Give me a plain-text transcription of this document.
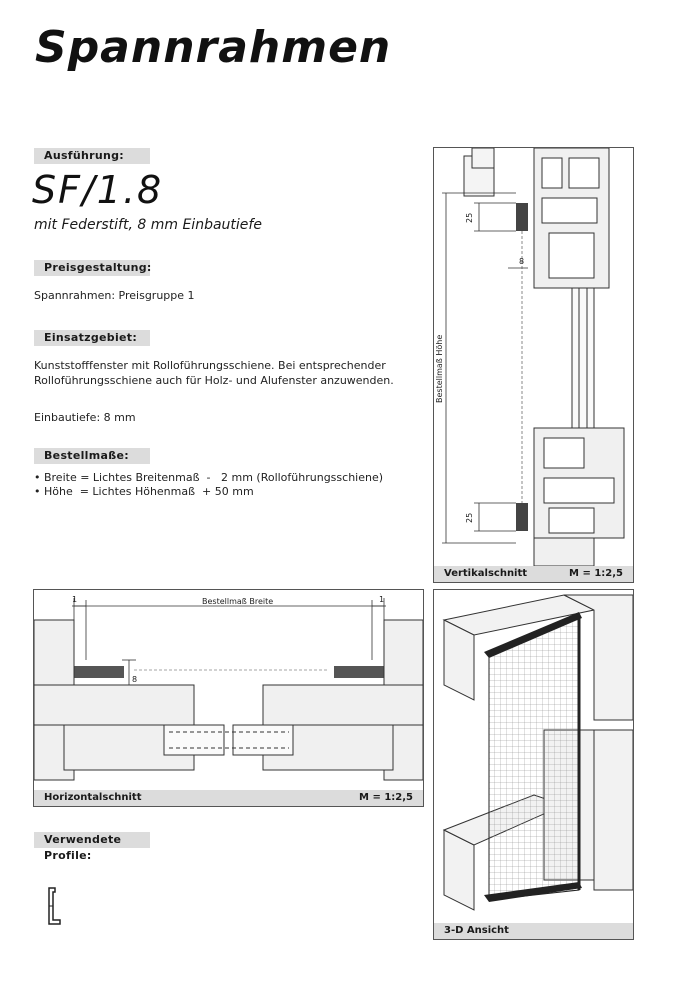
Spannrahmen
Ausführung:
SF/1.8
mit Federstift, 8 mm Einbautiefe
Preisgestaltung:
Spannrahmen: Preisgruppe 1
Einsatzgebiet:
Kunststofffenster mit Rolloführungsschiene. Bei entsprechender
Rolloführungsschiene auch für Holz- und Alufenster anzuwenden.
Einbautiefe: 8 mm
Bestellmaße:
• Breite = Lichtes Breitenmaß  -   2 mm (Rolloführungsschiene)
• Höhe  = Lichtes Höhenmaß  + 50 mm
Verwendete Profile:
25
8
Bestellmaß Höhe
25
Vertikalschnitt	M = 1:2,5
1	1
Bestellmaß Breite
8
Horizontalschnitt	M = 1:2,5
3-D Ansicht
